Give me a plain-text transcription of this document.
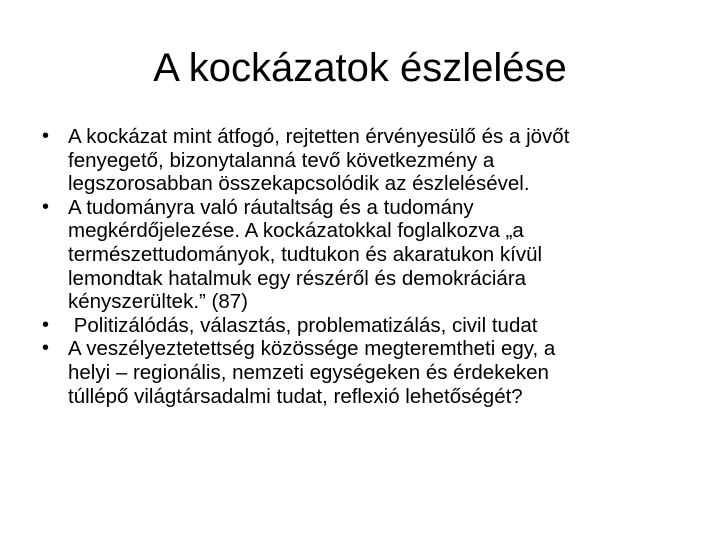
A kockázatok észlelése
• A kockázat mint átfogó, rejtetten érvényesülő és a jövőt
fenyegető, bizonytalanná tevő következmény a
legszorosabban összekapcsolódik az észlelésével.
• A tudományra való ráutaltság és a tudomány
megkérdőjelezése. A kockázatokkal foglalkozva „a
természettudományok, tudtukon és akaratukon kívül
lemondtak hatalmuk egy részéről és demokráciára
kényszerültek.” (87)
• Politizálódás, választás, problematizálás, civil tudat
• A veszélyeztetettség közössége megteremtheti egy, a
helyi – regionális, nemzeti egységeken és érdekeken
túllépő világtársadalmi tudat, reflexió lehetőségét?
